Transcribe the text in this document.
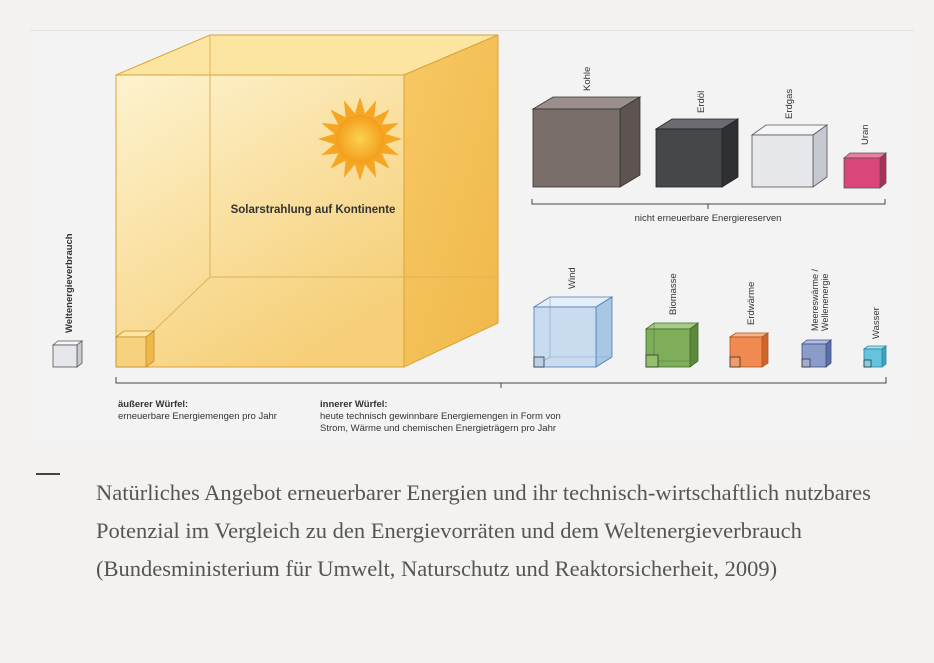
Solarstrahlung auf Kontinente
Weltenergieverbrauch
Kohle
Erdöl	Erdgas
Uran
nicht erneuerbare Energiereserven
Wind	Biomasse	Erdwärme	Meereswärme / Wellenenergie	Wasser
äußerer Würfel:
erneuerbare Energiemengen pro Jahr
innerer Würfel:
heute technisch gewinnbare Energiemengen in Form von
Strom, Wärme und chemischen Energieträgern pro Jahr

Natürliches Angebot erneuerbarer Energien und ihr technisch-wirtschaftlich nutzbares Potenzial im Vergleich zu den Energievorräten und dem Weltenergieverbrauch (Bundesministerium für Umwelt, Naturschutz und Reaktorsicherheit, 2009)
